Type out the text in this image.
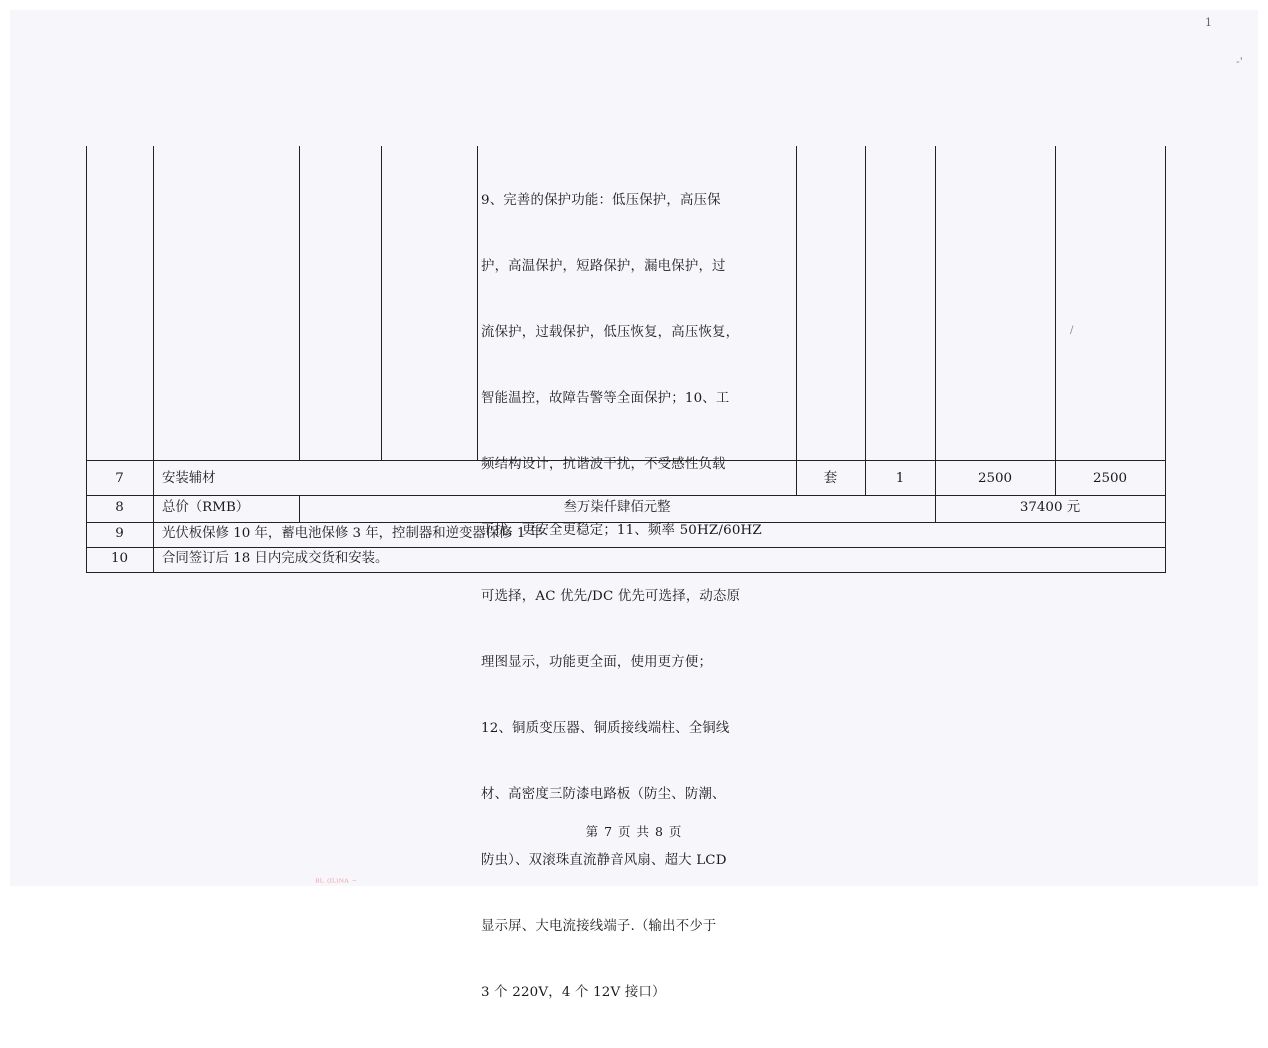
1
-'
/

9、完善的保护功能：低压保护，高压保

护，高温保护，短路保护，漏电保护，过

流保护，过载保护，低压恢复，高压恢复，

智能温控，故障告警等全面保护；10、工

频结构设计，抗谐波干扰，不受感性负载

干扰，更安全更稳定；11、频率 50HZ/60HZ

可选择，AC 优先/DC 优先可选择，动态原

理图显示，功能更全面，使用更方便；

12、铜质变压器、铜质接线端柱、全铜线

材、高密度三防漆电路板（防尘、防潮、

防虫）、双滚珠直流静音风扇、超大 LCD

显示屏、大电流接线端子.（输出不少于

3 个 220V，4 个 12V 接口）

7	安装辅材	套	1	2500	2500
8	总价（RMB）	叁万柒仟肆佰元整	37400 元
9	光伏板保修 10 年，蓄电池保修 3 年，控制器和逆变器保修 1 年
10	合同签订后 18 日内完成交货和安装。
第 7 页 共 8 页
ᴮᴸ ⁽ᴵᴸ⁾ᴺᴬ ⁻
